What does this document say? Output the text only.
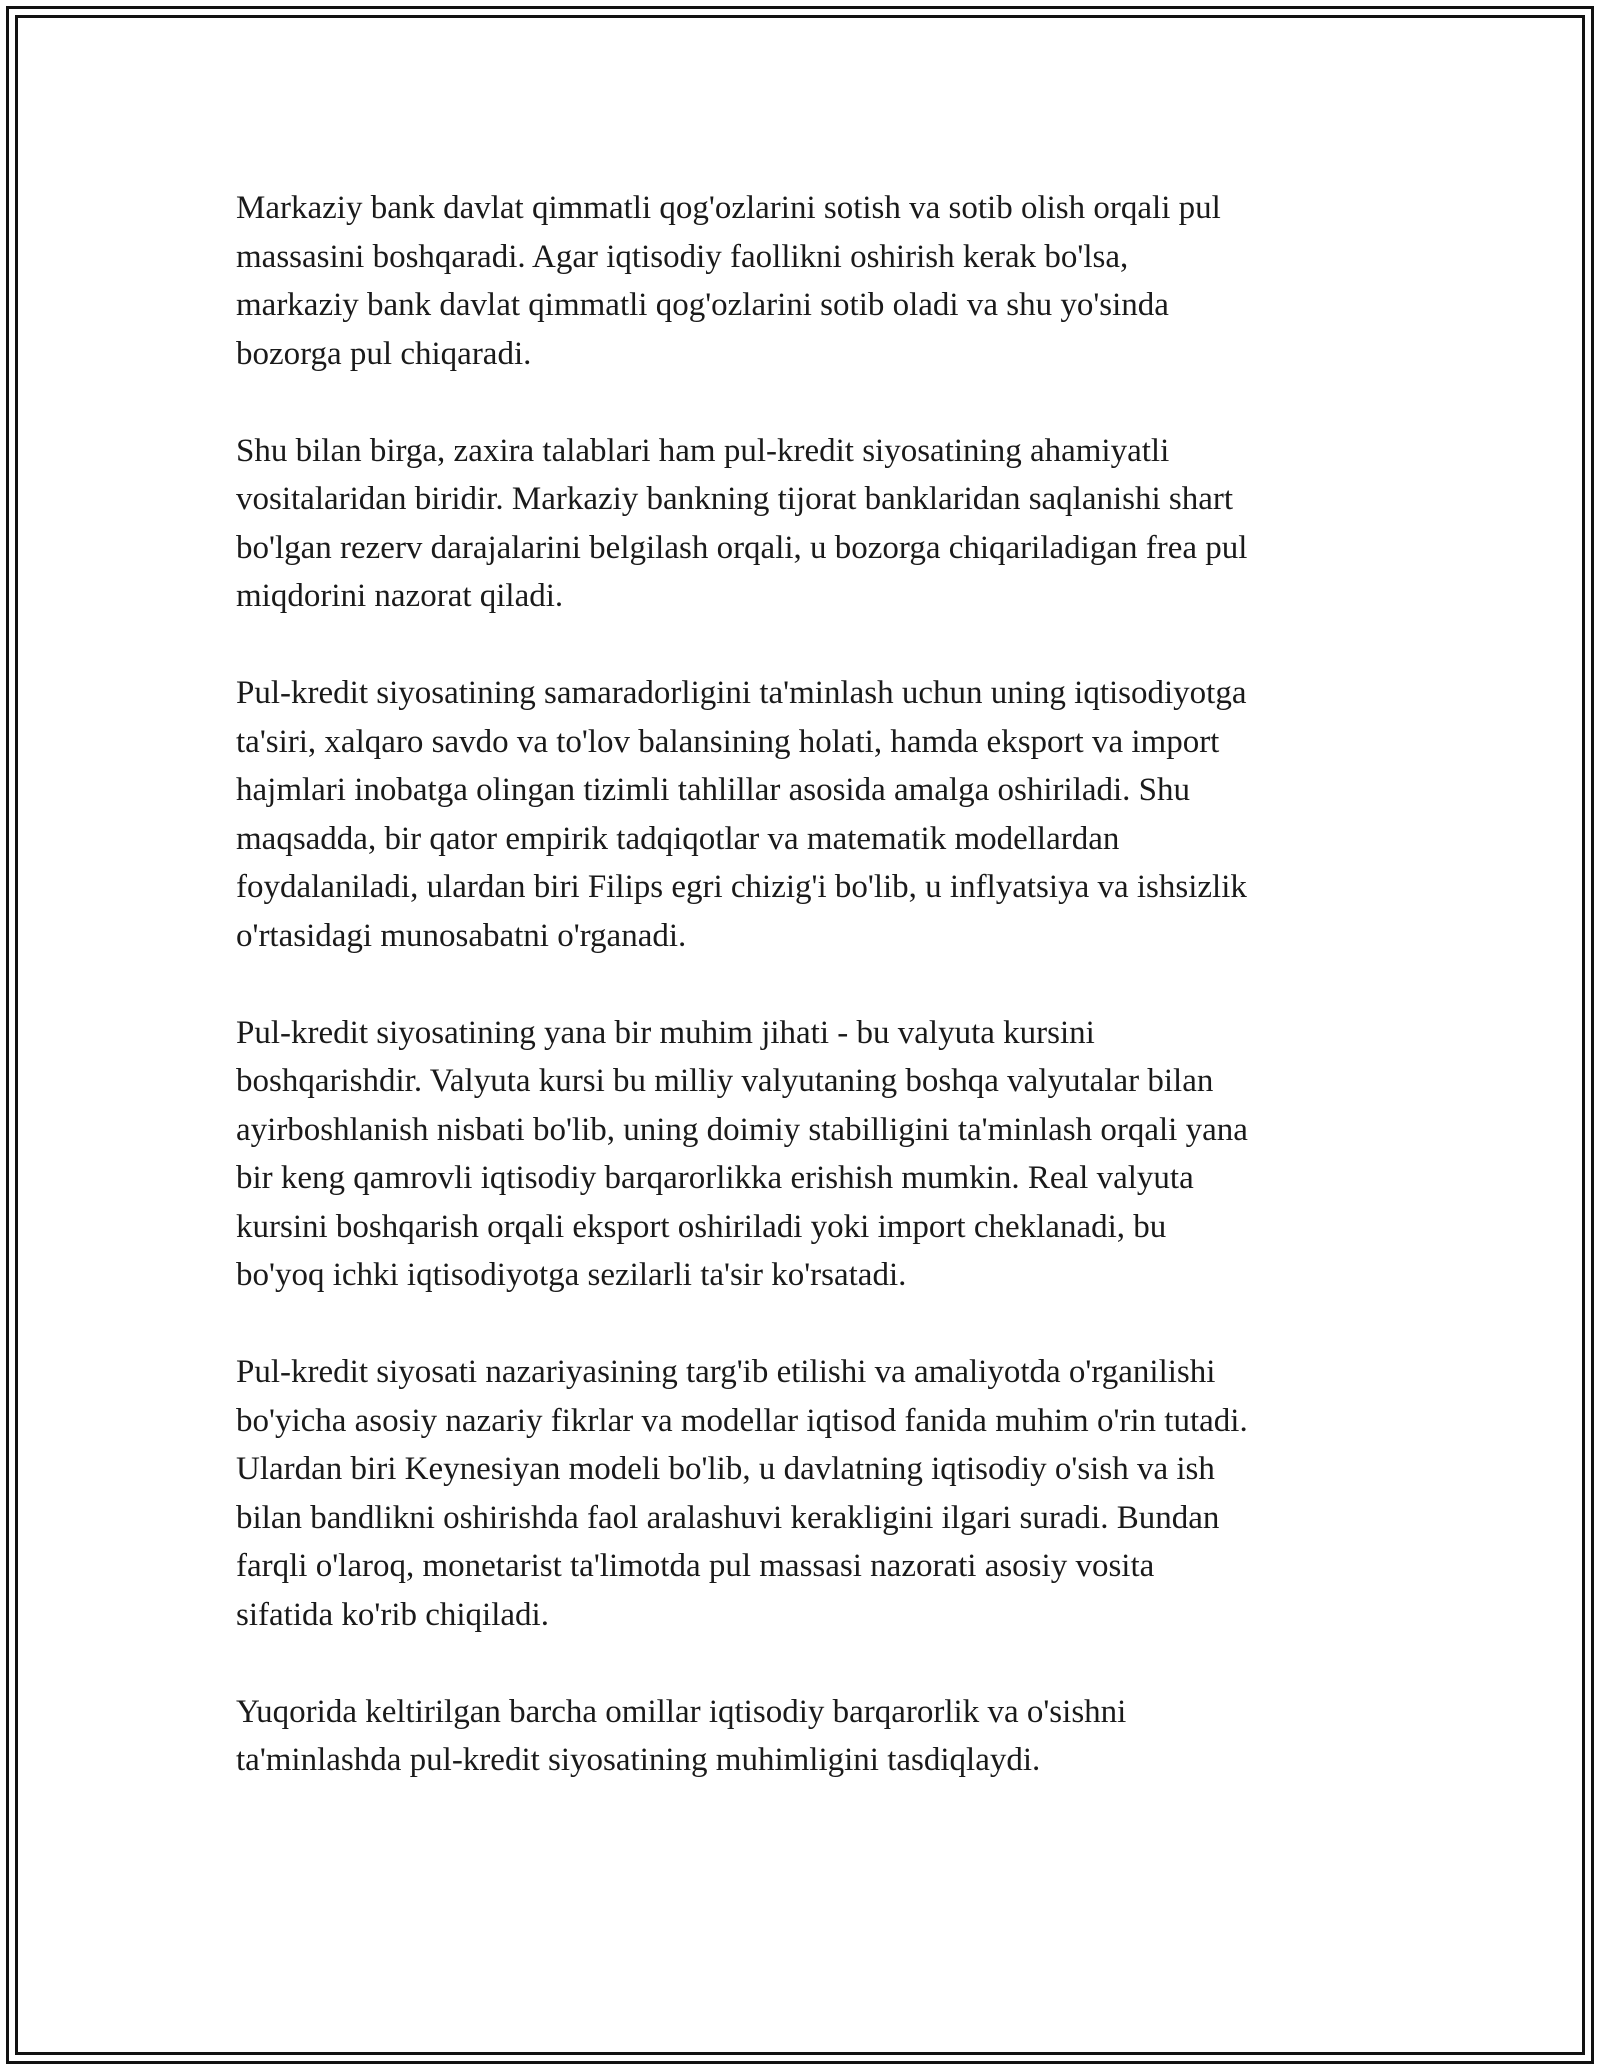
Markaziy bank davlat qimmatli qog'ozlarini sotish va sotib olish orqali pul
massasini boshqaradi. Agar iqtisodiy faollikni oshirish kerak bo'lsa,
markaziy bank davlat qimmatli qog'ozlarini sotib oladi va shu yo'sinda
bozorga pul chiqaradi.

Shu bilan birga, zaxira talablari ham pul-kredit siyosatining ahamiyatli
vositalaridan biridir. Markaziy bankning tijorat banklaridan saqlanishi shart
bo'lgan rezerv darajalarini belgilash orqali, u bozorga chiqariladigan frea pul
miqdorini nazorat qiladi.

Pul-kredit siyosatining samaradorligini ta'minlash uchun uning iqtisodiyotga
ta'siri, xalqaro savdo va to'lov balansining holati, hamda eksport va import
hajmlari inobatga olingan tizimli tahlillar asosida amalga oshiriladi. Shu
maqsadda, bir qator empirik tadqiqotlar va matematik modellardan
foydalaniladi, ulardan biri Filips egri chizig'i bo'lib, u inflyatsiya va ishsizlik
o'rtasidagi munosabatni o'rganadi.

Pul-kredit siyosatining yana bir muhim jihati - bu valyuta kursini
boshqarishdir. Valyuta kursi bu milliy valyutaning boshqa valyutalar bilan
ayirboshlanish nisbati bo'lib, uning doimiy stabilligini ta'minlash orqali yana
bir keng qamrovli iqtisodiy barqarorlikka erishish mumkin. Real valyuta
kursini boshqarish orqali eksport oshiriladi yoki import cheklanadi, bu
bo'yoq ichki iqtisodiyotga sezilarli ta'sir ko'rsatadi.

Pul-kredit siyosati nazariyasining targ'ib etilishi va amaliyotda o'rganilishi
bo'yicha asosiy nazariy fikrlar va modellar iqtisod fanida muhim o'rin tutadi.
Ulardan biri Keynesiyan modeli bo'lib, u davlatning iqtisodiy o'sish va ish
bilan bandlikni oshirishda faol aralashuvi kerakligini ilgari suradi. Bundan
farqli o'laroq, monetarist ta'limotda pul massasi nazorati asosiy vosita
sifatida ko'rib chiqiladi.

Yuqorida keltirilgan barcha omillar iqtisodiy barqarorlik va o'sishni
ta'minlashda pul-kredit siyosatining muhimligini tasdiqlaydi.
